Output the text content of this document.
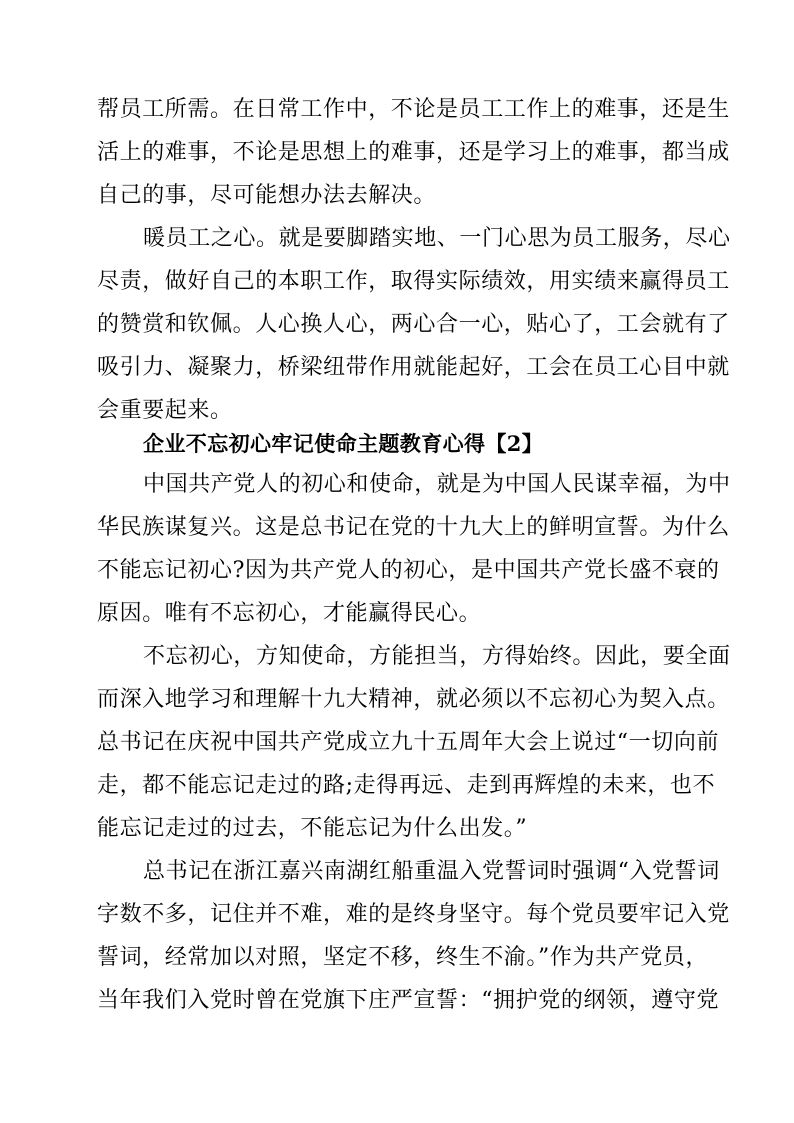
帮员工所需。在日常工作中，不论是员工工作上的难事，还是生
活上的难事，不论是思想上的难事，还是学习上的难事，都当成
自己的事，尽可能想办法去解决。
暖员工之心。就是要脚踏实地、一门心思为员工服务，尽心
尽责，做好自己的本职工作，取得实际绩效，用实绩来赢得员工
的赞赏和钦佩。人心换人心，两心合一心，贴心了，工会就有了
吸引力、凝聚力，桥梁纽带作用就能起好，工会在员工心目中就
会重要起来。
企业不忘初心牢记使命主题教育心得【2】
中国共产党人的初心和使命，就是为中国人民谋幸福，为中
华民族谋复兴。这是总书记在党的十九大上的鲜明宣誓。为什么
不能忘记初心?因为共产党人的初心，是中国共产党长盛不衰的
原因。唯有不忘初心，才能赢得民心。
不忘初心，方知使命，方能担当，方得始终。因此，要全面
而深入地学习和理解十九大精神，就必须以不忘初心为契入点。
总书记在庆祝中国共产党成立九十五周年大会上说过“一切向前
走，都不能忘记走过的路;走得再远、走到再辉煌的未来，也不
能忘记走过的过去，不能忘记为什么出发。”
总书记在浙江嘉兴南湖红船重温入党誓词时强调“入党誓词
字数不多，记住并不难，难的是终身坚守。每个党员要牢记入党
誓词，经常加以对照，坚定不移，终生不渝。”作为共产党员，
当年我们入党时曾在党旗下庄严宣誓：“拥护党的纲领，遵守党
